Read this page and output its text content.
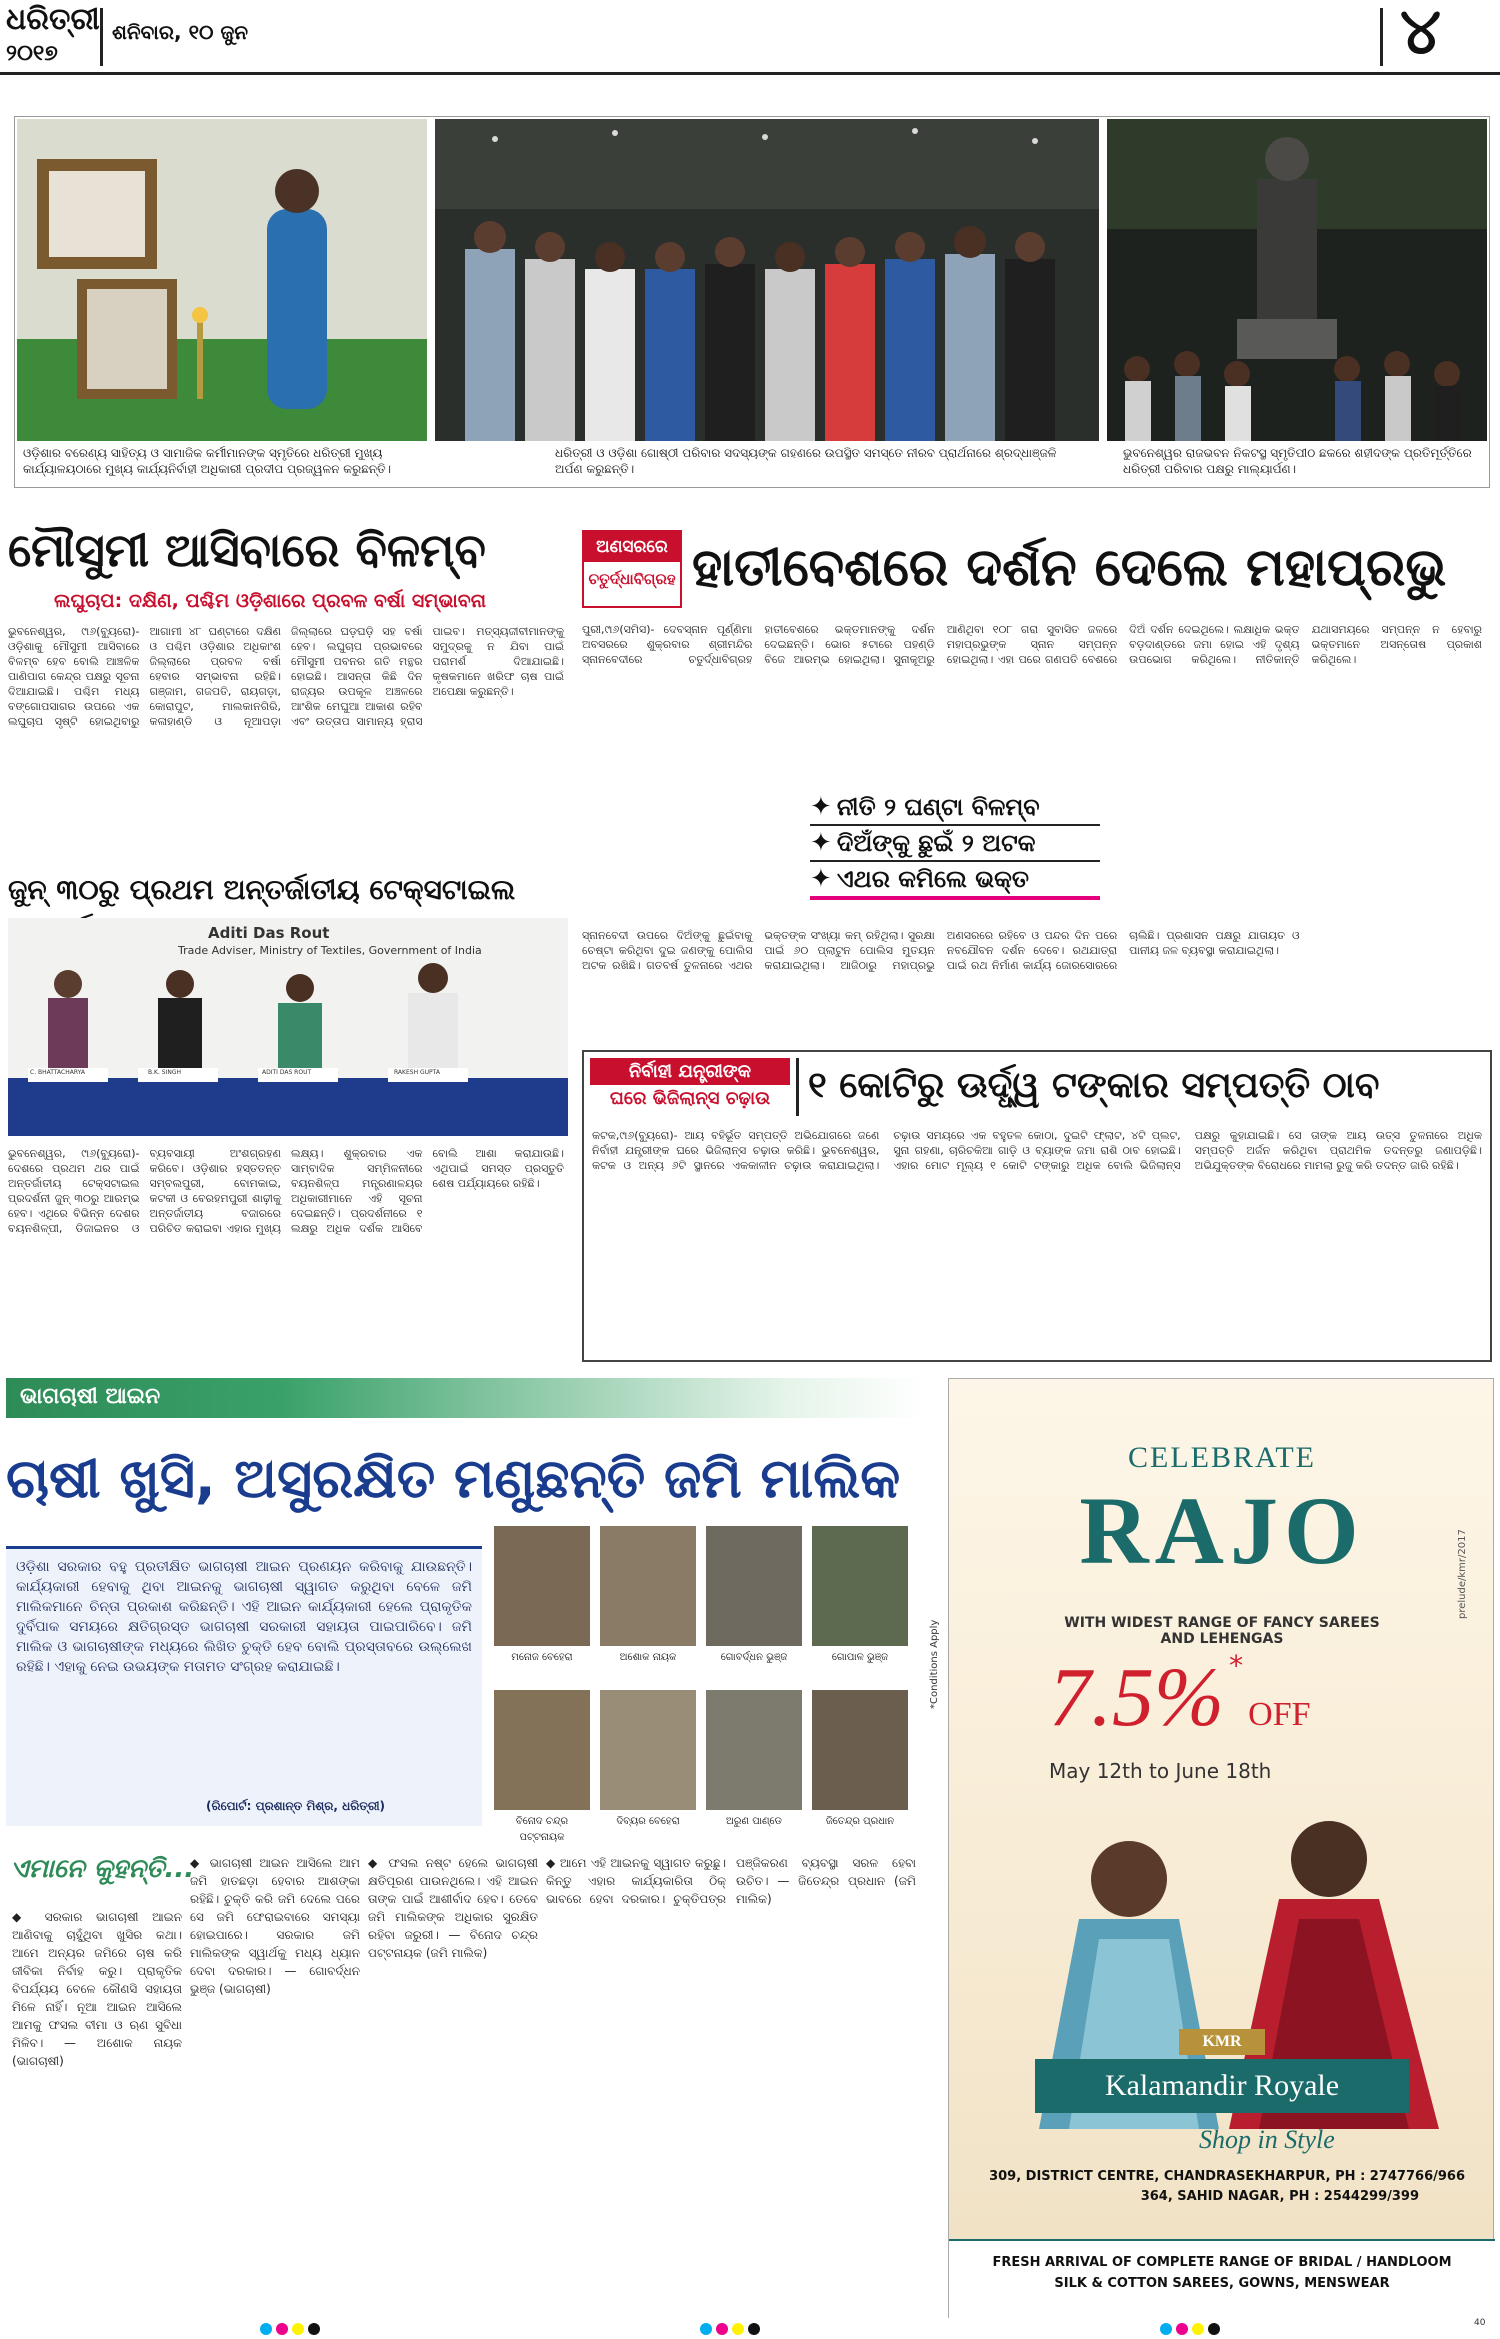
ଧରିତ୍ରୀ
୨୦୧୭
ଶନିବାର, ୧୦ ଜୁନ	୪
ଓଡ଼ିଶାର ବରେଣ୍ୟ ସାହିତ୍ୟ ଓ ସାମାଜିକ କର୍ମୀମାନଙ୍କ ସ୍ମୃତିରେ ଧରିତ୍ରୀ ମୁଖ୍ୟ କାର୍ଯ୍ୟାଳୟଠାରେ ମୁଖ୍ୟ କାର୍ଯ୍ୟନିର୍ବାହୀ ଅଧିକାରୀ ପ୍ରଦୀପ ପ୍ରଜ୍ୱଳନ କରୁଛନ୍ତି।
ଧରିତ୍ରୀ ଓ ଓଡ଼ିଶା ଗୋଷ୍ଠୀ ପରିବାର ସଦସ୍ୟଙ୍କ ଗହଣରେ ଉପସ୍ଥିତ ସମସ୍ତେ ନୀରବ ପ୍ରାର୍ଥନାରେ ଶ୍ରଦ୍ଧାଞ୍ଜଳି ଅର୍ପଣ କରୁଛନ୍ତି।
ଭୁବନେଶ୍ୱର ରାଜଭବନ ନିକଟସ୍ଥ ସ୍ମୃତିପୀଠ ଛକରେ ଶହୀଦଙ୍କ ପ୍ରତିମୂର୍ତ୍ତିରେ ଧରିତ୍ରୀ ପରିବାର ପକ୍ଷରୁ ମାଲ୍ୟାର୍ପଣ।
ମୌସୁମୀ ଆସିବାରେ ବିଳମ୍ବ
ଲଘୁଚାପ: ଦକ୍ଷିଣ, ପଶ୍ଚିମ ଓଡ଼ିଶାରେ ପ୍ରବଳ ବର୍ଷା ସମ୍ଭାବନା
ଭୁବନେଶ୍ୱର, ୯ା୬(ବ୍ୟୁରୋ)- ଓଡ଼ିଶାକୁ ମୌସୁମୀ ଆସିବାରେ ବିଳମ୍ବ ହେବ ବୋଲି ଆଞ୍ଚଳିକ ପାଣିପାଗ କେନ୍ଦ୍ର ପକ୍ଷରୁ ସୂଚନା ଦିଆଯାଇଛି। ପଶ୍ଚିମ ମଧ୍ୟ ବଙ୍ଗୋପସାଗର ଉପରେ ଏକ ଲଘୁଚାପ ସୃଷ୍ଟି ହୋଇଥିବାରୁ ଆଗାମୀ ୪୮ ଘଣ୍ଟାରେ ଦକ୍ଷିଣ ଓ ପଶ୍ଚିମ ଓଡ଼ିଶାର ଅଧିକାଂଶ ଜିଲ୍ଲାରେ ପ୍ରବଳ ବର୍ଷା ହେବାର ସମ୍ଭାବନା ରହିଛି। ଗଞ୍ଜାମ, ଗଜପତି, ରାୟଗଡ଼ା, କୋରାପୁଟ, ମାଲକାନଗିରି, କଳାହାଣ୍ଡି ଓ ନୂଆପଡ଼ା ଜିଲ୍ଲାରେ ଘଡ଼ଘଡ଼ି ସହ ବର୍ଷା ହେବ। ଲଘୁଚାପ ପ୍ରଭାବରେ ମୌସୁମୀ ପବନର ଗତି ମନ୍ଥର ହୋଇଛି। ଆସନ୍ତା କିଛି ଦିନ ରାଜ୍ୟର ଉପକୂଳ ଅଞ୍ଚଳରେ ଆଂଶିକ ମେଘୁଆ ଆକାଶ ରହିବ ଏବଂ ଉତ୍ତାପ ସାମାନ୍ୟ ହ୍ରାସ ପାଇବ। ମତ୍ସ୍ୟଜୀବୀମାନଙ୍କୁ ସମୁଦ୍ରକୁ ନ ଯିବା ପାଇଁ ପରାମର୍ଶ ଦିଆଯାଇଛି। କୃଷକମାନେ ଖରିଫ ଚାଷ ପାଇଁ ଅପେକ୍ଷା କରୁଛନ୍ତି।
ଜୁନ୍ ୩୦ରୁ ପ୍ରଥମ ଅନ୍ତର୍ଜାତୀୟ ଟେକ୍ସଟାଇଲ
Aditi Das Rout
Trade Adviser, Ministry of Textiles, Government of India
C. BHATTACHARYA	B.K. SINGH	ADITI DAS ROUT	RAKESH GUPTA
ଭୁବନେଶ୍ୱର, ୯ା୬(ବ୍ୟୁରୋ)- ଦେଶରେ ପ୍ରଥମ ଥର ପାଇଁ ଅନ୍ତର୍ଜାତୀୟ ଟେକ୍ସଟାଇଲ ପ୍ରଦର୍ଶନୀ ଜୁନ୍ ୩୦ରୁ ଆରମ୍ଭ ହେବ। ଏଥିରେ ବିଭିନ୍ନ ଦେଶର ବୟନଶିଳ୍ପୀ, ଡିଜାଇନର ଓ ବ୍ୟବସାୟୀ ଅଂଶଗ୍ରହଣ କରିବେ। ଓଡ଼ିଶାର ହସ୍ତତନ୍ତ ସମ୍ବଲପୁରୀ, ବୋମକାଇ, କଟକୀ ଓ ବେରହମପୁରୀ ଶାଢ଼ୀକୁ ଅନ୍ତର୍ଜାତୀୟ ବଜାରରେ ପରିଚିତ କରାଇବା ଏହାର ମୁଖ୍ୟ ଲକ୍ଷ୍ୟ। ଶୁକ୍ରବାର ଏକ ସାମ୍ବାଦିକ ସମ୍ମିଳନୀରେ ବୟନଶିଳ୍ପ ମନ୍ତ୍ରଣାଳୟର ଅଧିକାରୀମାନେ ଏହି ସୂଚନା ଦେଇଛନ୍ତି। ପ୍ରଦର୍ଶନୀରେ ୧ ଲକ୍ଷରୁ ଅଧିକ ଦର୍ଶକ ଆସିବେ ବୋଲି ଆଶା କରାଯାଉଛି। ଏଥିପାଇଁ ସମସ୍ତ ପ୍ରସ୍ତୁତି ଶେଷ ପର୍ଯ୍ୟାୟରେ ରହିଛି।
ଅଣସରରେ
ଚତୁର୍ଦ୍ଧାବିଗ୍ରହ ହାତୀବେଶରେ ଦର୍ଶନ ଦେଲେ ମହାପ୍ରଭୁ
ପୁରୀ,୯ା୬(ସମିସ)- ଦେବସ୍ନାନ ପୂର୍ଣ୍ଣିମା ଅବସରରେ ଶୁକ୍ରବାର ଶ୍ରୀମନ୍ଦିର ସ୍ନାନବେଦୀରେ ଚତୁର୍ଦ୍ଧାବିଗ୍ରହ ହାତୀବେଶରେ ଭକ୍ତମାନଙ୍କୁ ଦର୍ଶନ ଦେଇଛନ୍ତି। ଭୋର ୫ଟାରେ ପହଣ୍ଡି ବିଜେ ଆରମ୍ଭ ହୋଇଥିଲା। ସୁନାକୂଅରୁ ଆଣିଥିବା ୧୦୮ ଗରା ସୁବାସିତ ଜଳରେ ମହାପ୍ରଭୁଙ୍କ ସ୍ନାନ ସମ୍ପନ୍ନ ହୋଇଥିଲା। ଏହା ପରେ ଗଣପତି ବେଶରେ ଦିଅଁ ଦର୍ଶନ ଦେଇଥିଲେ। ଲକ୍ଷାଧିକ ଭକ୍ତ ବଡ଼ଦାଣ୍ଡରେ ଜମା ହୋଇ ଏହି ଦୃଶ୍ୟ ଉପଭୋଗ କରିଥିଲେ। ନୀତିକାନ୍ତି ଯଥାସମୟରେ ସମ୍ପନ୍ନ ନ ହେବାରୁ ଭକ୍ତମାନେ ଅସନ୍ତୋଷ ପ୍ରକାଶ କରିଥିଲେ।
✦ ନୀତି ୨ ଘଣ୍ଟା ବିଳମ୍ବ
✦ ଦିଅଁଙ୍କୁ ଛୁଇଁ ୨ ଅଟକ
✦ ଏଥର କମିଲେ ଭକ୍ତ
ସ୍ନାନବେଦୀ ଉପରେ ଦିଅଁଙ୍କୁ ଛୁଇଁବାକୁ ଚେଷ୍ଟା କରିଥିବା ଦୁଇ ଜଣଙ୍କୁ ପୋଲିସ ଅଟକ ରଖିଛି। ଗତବର୍ଷ ତୁଳନାରେ ଏଥର ଭକ୍ତଙ୍କ ସଂଖ୍ୟା କମ୍ ରହିଥିଲା। ସୁରକ୍ଷା ପାଇଁ ୬୦ ପ୍ଲାଟୁନ ପୋଲିସ ମୁତୟନ କରାଯାଇଥିଲା। ଆଜିଠାରୁ ମହାପ୍ରଭୁ ଅଣସରରେ ରହିବେ ଓ ପନ୍ଦର ଦିନ ପରେ ନବଯୌବନ ଦର୍ଶନ ଦେବେ। ରଥଯାତ୍ରା ପାଇଁ ରଥ ନିର୍ମାଣ କାର୍ଯ୍ୟ ଜୋରସୋରରେ ଚାଲିଛି। ପ୍ରଶାସନ ପକ୍ଷରୁ ଯାତାୟତ ଓ ପାନୀୟ ଜଳ ବ୍ୟବସ୍ଥା କରାଯାଇଥିଲା।
ନିର୍ବାହୀ ଯନ୍ତ୍ରୀଙ୍କ
ଘରେ ଭିଜିଲାନ୍ସ ଚଢ଼ାଉ	୧ କୋଟିରୁ ଊର୍ଦ୍ଧ୍ୱ ଟଙ୍କାର ସମ୍ପତ୍ତି ଠାବ
କଟକ,୯ା୬(ବ୍ୟୁରୋ)- ଆୟ ବହିର୍ଭୂତ ସମ୍ପତ୍ତି ଅଭିଯୋଗରେ ଜଣେ ନିର୍ବାହୀ ଯନ୍ତ୍ରୀଙ୍କ ଘରେ ଭିଜିଲାନ୍ସ ଚଢ଼ାଉ କରିଛି। ଭୁବନେଶ୍ୱର, କଟକ ଓ ଅନ୍ୟ ୬ଟି ସ୍ଥାନରେ ଏକକାଳୀନ ଚଢ଼ାଉ କରାଯାଇଥିଲା। ଚଢ଼ାଉ ସମୟରେ ଏକ ବହୁତଳ କୋଠା, ଦୁଇଟି ଫ୍ଲାଟ, ୪ଟି ପ୍ଲଟ, ସୁନା ଗହଣା, ଚାରିଚକିଆ ଗାଡ଼ି ଓ ବ୍ୟାଙ୍କ ଜମା ରାଶି ଠାବ ହୋଇଛି। ଏହାର ମୋଟ ମୂଲ୍ୟ ୧ କୋଟି ଟଙ୍କାରୁ ଅଧିକ ବୋଲି ଭିଜିଲାନ୍ସ ପକ୍ଷରୁ କୁହାଯାଇଛି। ସେ ତାଙ୍କ ଆୟ ଉତ୍ସ ତୁଳନାରେ ଅଧିକ ସମ୍ପତ୍ତି ଅର୍ଜନ କରିଥିବା ପ୍ରାଥମିକ ତଦନ୍ତରୁ ଜଣାପଡ଼ିଛି। ଅଭିଯୁକ୍ତଙ୍କ ବିରୋଧରେ ମାମଲା ରୁଜୁ କରି ତଦନ୍ତ ଜାରି ରହିଛି।
ଭାଗଚାଷୀ ଆଇନ
ଚାଷୀ ଖୁସି, ଅସୁରକ୍ଷିତ ମଣୁଛନ୍ତି ଜମି ମାଲିକ
ଓଡ଼ିଶା ସରକାର ବହୁ ପ୍ରତୀକ୍ଷିତ ଭାଗଚାଷୀ ଆଇନ ପ୍ରଣୟନ କରିବାକୁ ଯାଉଛନ୍ତି। କାର୍ଯ୍ୟକାରୀ ହେବାକୁ ଥିବା ଆଇନକୁ ଭାଗଚାଷୀ ସ୍ୱାଗତ କରୁଥିବା ବେଳେ ଜମି ମାଲିକମାନେ ଚିନ୍ତା ପ୍ରକାଶ କରିଛନ୍ତି। ଏହି ଆଇନ କାର୍ଯ୍ୟକାରୀ ହେଲେ ପ୍ରାକୃତିକ ଦୁର୍ବିପାକ ସମୟରେ କ୍ଷତିଗ୍ରସ୍ତ ଭାଗଚାଷୀ ସରକାରୀ ସହାୟତା ପାଇପାରିବେ। ଜମି ମାଲିକ ଓ ଭାଗଚାଷୀଙ୍କ ମଧ୍ୟରେ ଲିଖିତ ଚୁକ୍ତି ହେବ ବୋଲି ପ୍ରସ୍ତାବରେ ଉଲ୍ଲେଖ ରହିଛି। ଏହାକୁ ନେଇ ଉଭୟଙ୍କ ମତାମତ ସଂଗ୍ରହ କରାଯାଇଛି।
(ରିପୋର୍ଟ: ପ୍ରଶାନ୍ତ ମିଶ୍ର, ଧରିତ୍ରୀ)
ମନୋଜ ବେହେରା	ଅଶୋକ ନାୟକ	ଗୋବର୍ଦ୍ଧନ ଭୁଞ୍ଜ	ଗୋପାଳ ଭୁଞ୍ଜ
ବିନୋଦ ଚନ୍ଦ୍ର ପଟ୍ଟନାୟକ
ଦିବ୍ୟର ବେହେରା	ଅରୁଣ ପାଣ୍ଡେ	ଜିତେନ୍ଦ୍ର ପ୍ରଧାନ
ଏମାନେ କୁହନ୍ତି...
◆ ସରକାର ଭାଗଚାଷୀ ଆଇନ ଆଣିବାକୁ ଚାହୁଁଥିବା ଖୁସିର କଥା। ଆମେ ଅନ୍ୟର ଜମିରେ ଚାଷ କରି ଜୀବିକା ନିର୍ବାହ କରୁ। ପ୍ରାକୃତିକ ବିପର୍ଯ୍ୟୟ ବେଳେ କୌଣସି ସହାୟତା ମିଳେ ନାହିଁ। ନୂଆ ଆଇନ ଆସିଲେ ଆମକୁ ଫସଲ ବୀମା ଓ ଋଣ ସୁବିଧା ମିଳିବ। — ଅଶୋକ ନାୟକ (ଭାଗଚାଷୀ)
◆ ଭାଗଚାଷୀ ଆଇନ ଆସିଲେ ଆମ ଜମି ହାତଛଡ଼ା ହେବାର ଆଶଙ୍କା ରହିଛି। ଚୁକ୍ତି କରି ଜମି ଦେଲେ ପରେ ସେ ଜମି ଫେରାଇବାରେ ସମସ୍ୟା ହୋଇପାରେ। ସରକାର ଜମି ମାଲିକଙ୍କ ସ୍ୱାର୍ଥକୁ ମଧ୍ୟ ଧ୍ୟାନ ଦେବା ଦରକାର। — ଗୋବର୍ଦ୍ଧନ ଭୁଞ୍ଜ (ଭାଗଚାଷୀ)
◆ ଫସଲ ନଷ୍ଟ ହେଲେ ଭାଗଚାଷୀ କ୍ଷତିପୂରଣ ପାଉନଥିଲେ। ଏହି ଆଇନ ତାଙ୍କ ପାଇଁ ଆଶୀର୍ବାଦ ହେବ। ତେବେ ଜମି ମାଲିକଙ୍କ ଅଧିକାର ସୁରକ୍ଷିତ ରହିବା ଜରୁରୀ। — ବିନୋଦ ଚନ୍ଦ୍ର ପଟ୍ଟନାୟକ (ଜମି ମାଲିକ)
◆ ଆମେ ଏହି ଆଇନକୁ ସ୍ୱାଗତ କରୁଛୁ। କିନ୍ତୁ ଏହାର କାର୍ଯ୍ୟକାରିତା ଠିକ୍ ଭାବରେ ହେବା ଦରକାର। ଚୁକ୍ତିପତ୍ର ପଞ୍ଜିକରଣ ବ୍ୟବସ୍ଥା ସରଳ ହେବା ଉଚିତ। — ଜିତେନ୍ଦ୍ର ପ୍ରଧାନ (ଜମି ମାଲିକ)
CELEBRATE
RAJO
WITH WIDEST RANGE OF FANCY SAREES AND LEHENGAS
7.5% * OFF
May 12th to June 18th
*Conditions Apply
prelude/kmr/2017
KMR
Kalamandir Royale
Shop in Style
309, DISTRICT CENTRE, CHANDRASEKHARPUR, PH : 2747766/966
364, SAHID NAGAR, PH : 2544299/399
FRESH ARRIVAL OF COMPLETE RANGE OF BRIDAL / HANDLOOM
SILK & COTTON SAREES, GOWNS, MENSWEAR
40
